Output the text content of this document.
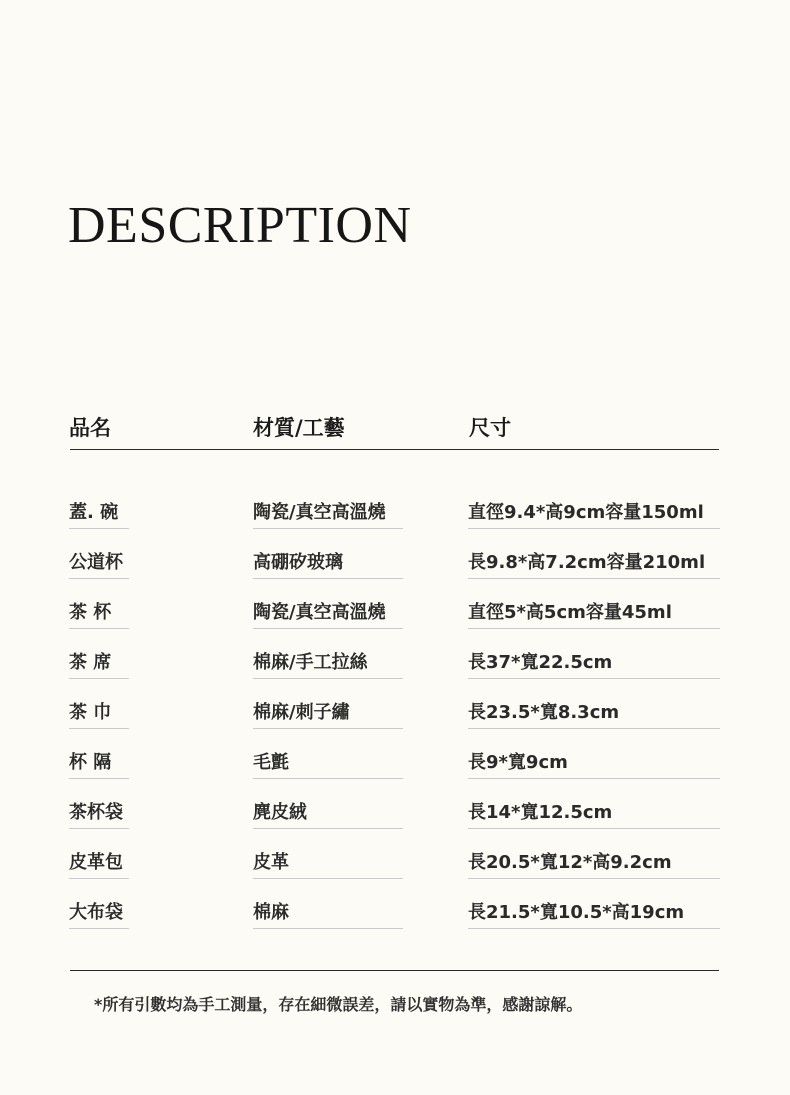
DESCRIPTION
品名	材質/工藝	尺寸
蓋. 碗	陶瓷/真空高溫燒	直徑9.4*高9cm容量150ml
公道杯	高硼矽玻璃	長9.8*高7.2cm容量210ml
茶 杯	陶瓷/真空高溫燒	直徑5*高5cm容量45ml
茶 席	棉麻/手工拉絲	長37*寬22.5cm
茶 巾	棉麻/刺子繡	長23.5*寬8.3cm
杯 隔	毛氈	長9*寬9cm
茶杯袋	麂皮絨	長14*寬12.5cm
皮革包	皮革	長20.5*寬12*高9.2cm
大布袋	棉麻	長21.5*寬10.5*高19cm
*所有引數均為手工測量，存在細微誤差，請以實物為準，感謝諒解。
